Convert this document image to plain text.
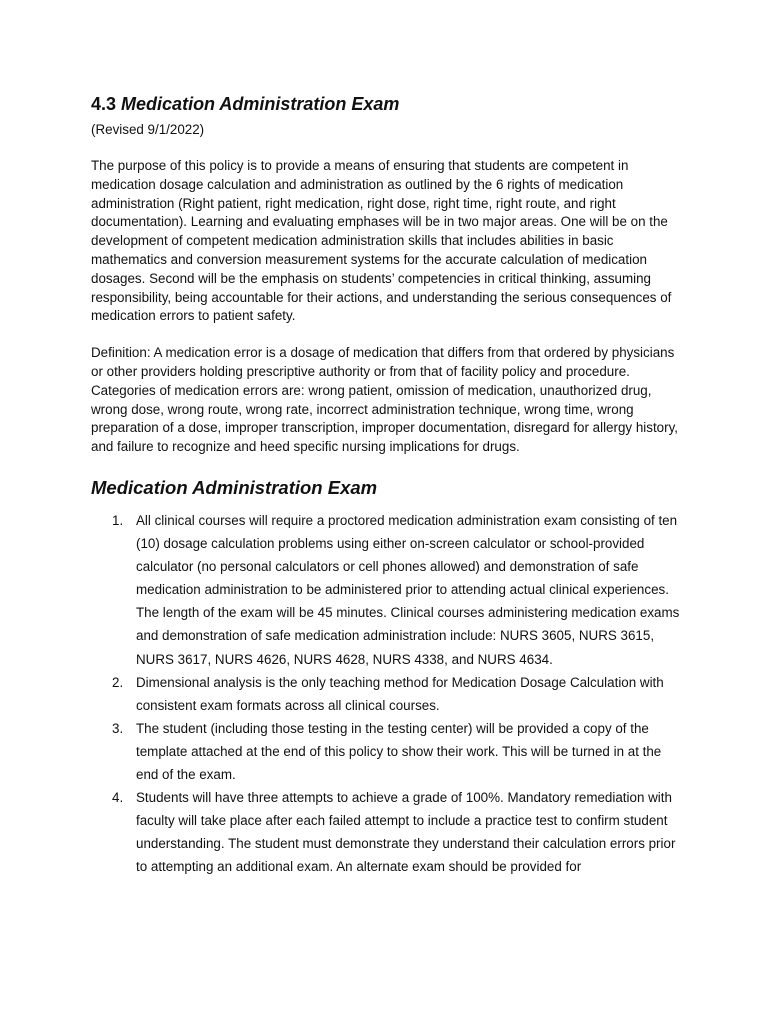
4.3 Medication Administration Exam

(Revised 9/1/2022)

The purpose of this policy is to provide a means of ensuring that students are competent in medication dosage calculation and administration as outlined by the 6 rights of medication administration (Right patient, right medication, right dose, right time, right route, and right documentation). Learning and evaluating emphases will be in two major areas. One will be on the development of competent medication administration skills that includes abilities in basic mathematics and conversion measurement systems for the accurate calculation of medication dosages. Second will be the emphasis on students’ competencies in critical thinking, assuming responsibility, being accountable for their actions, and understanding the serious consequences of medication errors to patient safety.

Definition: A medication error is a dosage of medication that differs from that ordered by physicians or other providers holding prescriptive authority or from that of facility policy and procedure. Categories of medication errors are: wrong patient, omission of medication, unauthorized drug, wrong dose, wrong route, wrong rate, incorrect administration technique, wrong time, wrong preparation of a dose, improper transcription, improper documentation, disregard for allergy history, and failure to recognize and heed specific nursing implications for drugs.

Medication Administration Exam
1. All clinical courses will require a proctored medication administration exam consisting of ten (10) dosage calculation problems using either on-screen calculator or school-provided calculator (no personal calculators or cell phones allowed) and demonstration of safe medication administration to be administered prior to attending actual clinical experiences. The length of the exam will be 45 minutes. Clinical courses administering medication exams and demonstration of safe medication administration include: NURS 3605, NURS 3615, NURS 3617, NURS 4626, NURS 4628, NURS 4338, and NURS 4634.
2. Dimensional analysis is the only teaching method for Medication Dosage Calculation with consistent exam formats across all clinical courses.
3. The student (including those testing in the testing center) will be provided a copy of the template attached at the end of this policy to show their work. This will be turned in at the end of the exam.
4. Students will have three attempts to achieve a grade of 100%. Mandatory remediation with faculty will take place after each failed attempt to include a practice test to confirm student understanding. The student must demonstrate they understand their calculation errors prior to attempting an additional exam. An alternate exam should be provided for
